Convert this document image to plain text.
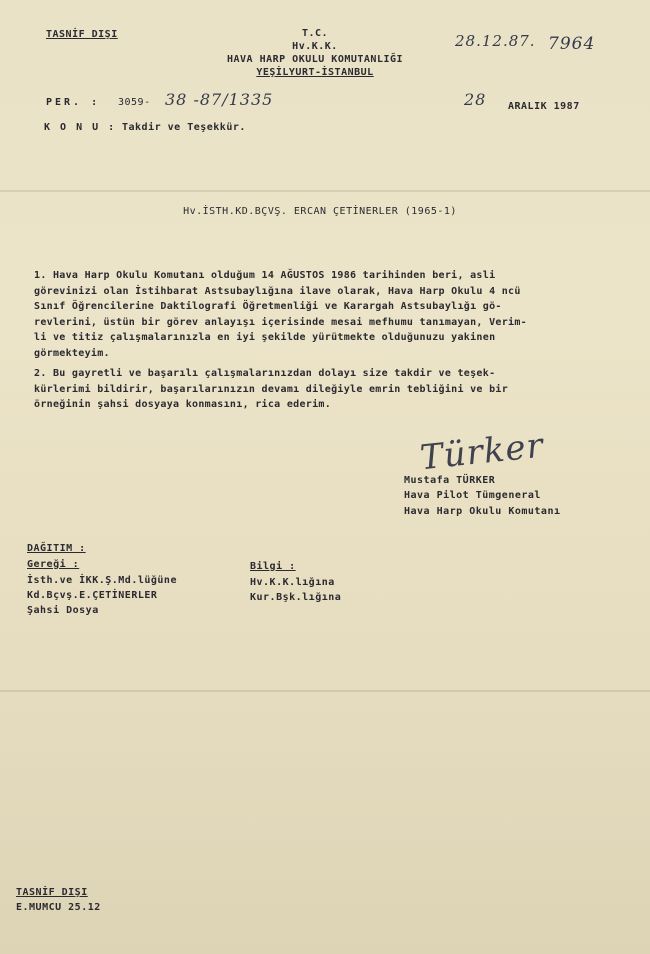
TASNİF DIŞI	T.C.
Hv.K.K.
HAVA HARP OKULU KOMUTANLIĞI
YEŞİLYURT-İSTANBUL
28.12.87. 7964
PER. : 3059- 38 -87/1335	28 ARALIK 1987
K O N U : Takdir ve Teşekkür.
Hv.İSTH.KD.BÇVŞ. ERCAN ÇETİNERLER (1965-1)
1. Hava Harp Okulu Komutanı olduğum 14 AĞUSTOS 1986 tarihinden beri, asli
görevinizi olan İstihbarat Astsubaylığına ilave olarak, Hava Harp Okulu 4 ncü
Sınıf Öğrencilerine Daktilografi Öğretmenliği ve Karargah Astsubaylığı gö-
revlerini, üstün bir görev anlayışı içerisinde mesai mefhumu tanımayan, Verim-
li ve titiz çalışmalarınızla en iyi şekilde yürütmekte olduğunuzu yakinen
görmekteyim.
2. Bu gayretli ve başarılı çalışmalarınızdan dolayı size takdir ve teşek-
kürlerimi bildirir, başarılarınızın devamı dileğiyle emrin tebliğini ve bir
örneğinin şahsi dosyaya konmasını, rica ederim.
Türker
Mustafa TÜRKER
Hava Pilot Tümgeneral
Hava Harp Okulu Komutanı
DAĞITIM :
Gereği :
İsth.ve İKK.Ş.Md.lüğüne
Kd.Bçvş.E.ÇETİNERLER
Şahsi Dosya
Bilgi :
Hv.K.K.lığına
Kur.Bşk.lığına
TASNİF DIŞI
E.MUMCU 25.12
